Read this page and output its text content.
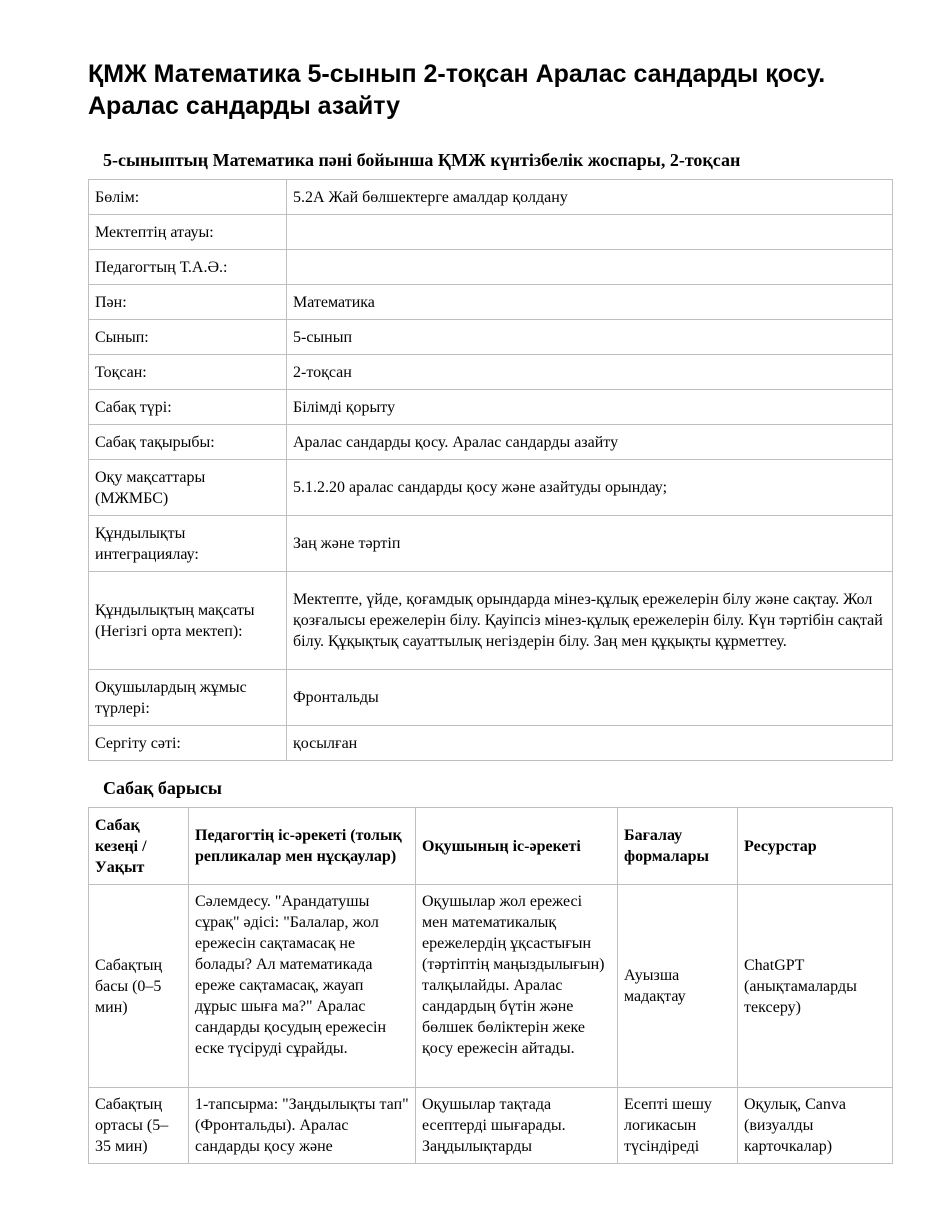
ҚМЖ Математика 5-сынып 2-тоқсан Аралас сандарды қосу. Аралас сандарды азайту
5-сыныптың Математика пәні бойынша ҚМЖ күнтізбелік жоспары, 2-тоқсан
Бөлім:	5.2А Жай бөлшектерге амалдар қолдану
Мектептің атауы:	
Педагогтың Т.А.Ә.:	
Пән:	Математика
Сынып:	5-сынып
Тоқсан:	2-тоқсан
Сабақ түрі:	Білімді қорыту
Сабақ тақырыбы:	Аралас сандарды қосу. Аралас сандарды азайту
Оқу мақсаттары (МЖМБС)	5.1.2.20 аралас сандарды қосу және азайтуды орындау;
Құндылықты интеграциялау:	Заң және тәртіп
Құндылықтың мақсаты (Негізгі орта мектеп):	Мектепте, үйде, қоғамдық орындарда мінез-құлық ережелерін білу және сақтау. Жол қозғалысы ережелерін білу. Қауіпсіз мінез-құлық ережелерін білу. Күн тәртібін сақтай білу. Құқықтық сауаттылық негіздерін білу. Заң мен құқықты құрметтеу.
Оқушылардың жұмыс түрлері:	Фронтальды
Сергіту сәті:	қосылған
Сабақ барысы
Сабақ кезеңі / Уақыт	Педагогтің іс-әрекеті (толық репликалар мен нұсқаулар)	Оқушының іс-әрекеті	Бағалау формалары	Ресурстар
Сабақтың басы (0–5 мин)	Сәлемдесу. "Арандатушы сұрақ" әдісі: "Балалар, жол ережесін сақтамасақ не болады? Ал математикада ереже сақтамасақ, жауап дұрыс шыға ма?" Аралас сандарды қосудың ережесін еске түсіруді сұрайды.	Оқушылар жол ережесі мен математикалық ережелердің ұқсастығын (тәртіптің маңыздылығын) талқылайды. Аралас сандардың бүтін және бөлшек бөліктерін жеке қосу ережесін айтады.	Ауызша мадақтау	ChatGPT (анықтамаларды тексеру)
Сабақтың ортасы (5–35 мин)	1-тапсырма: "Заңдылықты тап" (Фронтальды). Аралас сандарды қосу және	Оқушылар тақтада есептерді шығарады. Заңдылықтарды	Есепті шешу логикасын түсіндіреді	Оқулық, Canva (визуалды карточкалар)
